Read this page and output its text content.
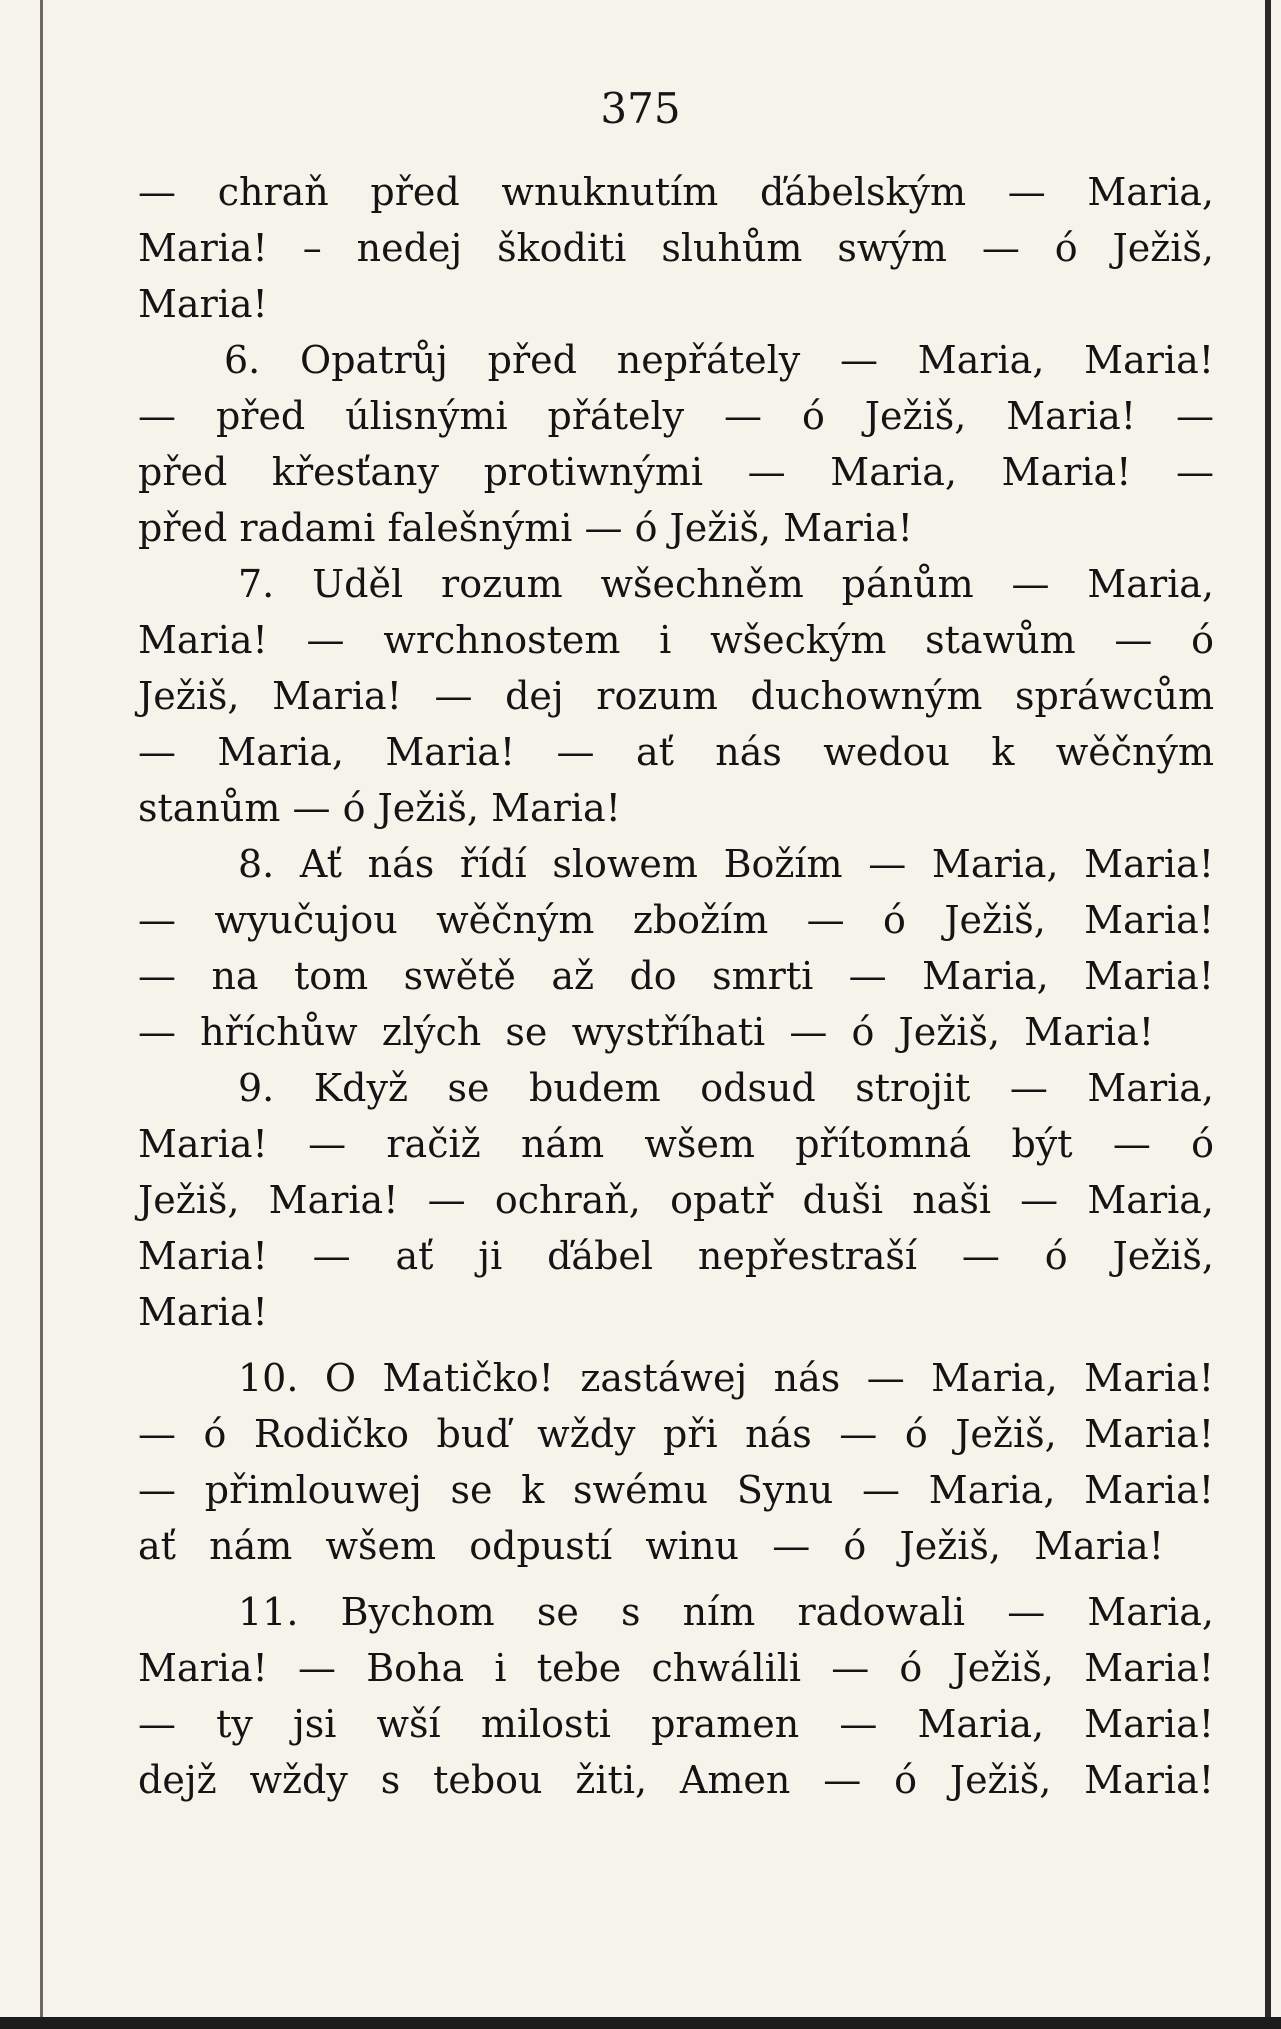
375
— chraň před wnuknutím ďábelským — Maria,
Maria! – nedej škoditi sluhům swým — ó Ježiš,
Maria!
6. Opatrůj před nepřátely — Maria, Maria!
— před úlisnými přátely — ó Ježiš, Maria! —
před křesťany protiwnými — Maria, Maria! —
před radami falešnými — ó Ježiš, Maria!
7. Uděl rozum wšechněm pánům — Maria,
Maria! — wrchnostem i wšeckým stawům — ó
Ježiš, Maria! — dej rozum duchowným spráwcům
— Maria, Maria! — ať nás wedou k wěčným
stanům — ó Ježiš, Maria!
8. Ať nás řídí slowem Božím — Maria, Maria!
— wyučujou wěčným zbožím — ó Ježiš, Maria!
— na tom swětě až do smrti — Maria, Maria!
— hříchůw zlých se wystříhati — ó Ježiš, Maria!
9. Když se budem odsud strojit — Maria,
Maria! — račiž nám wšem přítomná být — ó
Ježiš, Maria! — ochraň, opatř duši naši — Maria,
Maria! — ať ji ďábel nepřestraší — ó Ježiš,
Maria!
10. O Matičko! zastáwej nás — Maria, Maria!
— ó Rodičko buď wždy při nás — ó Ježiš, Maria!
— přimlouwej se k swému Synu — Maria, Maria!
ať nám wšem odpustí winu — ó Ježiš, Maria!
11. Bychom se s ním radowali — Maria,
Maria! — Boha i tebe chwálili — ó Ježiš, Maria!
— ty jsi wší milosti pramen — Maria, Maria!
dejž wždy s tebou žiti, Amen — ó Ježiš, Maria!
